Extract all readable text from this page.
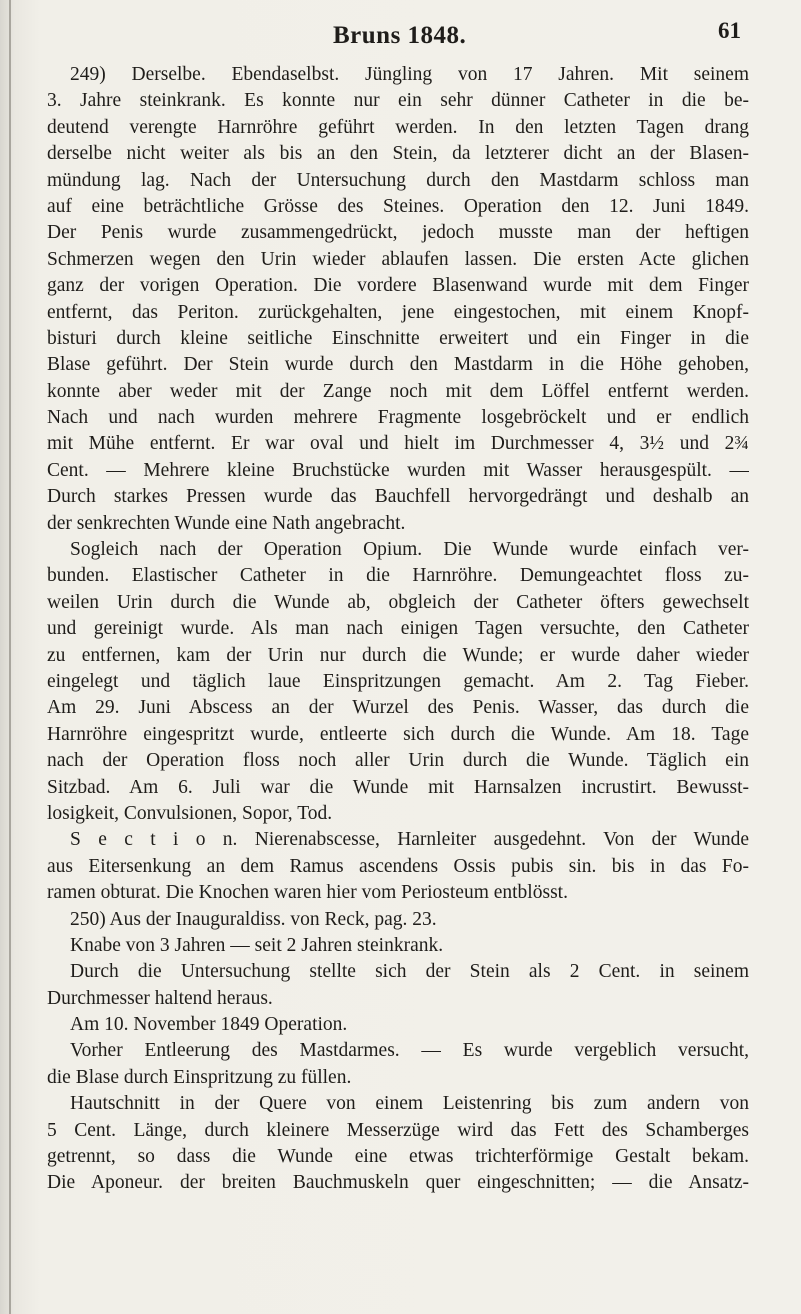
Bruns 1848.	61
249) Derselbe. Ebendaselbst. Jüngling von 17 Jahren. Mit seinem
3. Jahre steinkrank. Es konnte nur ein sehr dünner Catheter in die be-
deutend verengte Harnröhre geführt werden. In den letzten Tagen drang
derselbe nicht weiter als bis an den Stein, da letzterer dicht an der Blasen-
mündung lag. Nach der Untersuchung durch den Mastdarm schloss man
auf eine beträchtliche Grösse des Steines. Operation den 12. Juni 1849.
Der Penis wurde zusammengedrückt, jedoch musste man der heftigen
Schmerzen wegen den Urin wieder ablaufen lassen. Die ersten Acte glichen
ganz der vorigen Operation. Die vordere Blasenwand wurde mit dem Finger
entfernt, das Periton. zurückgehalten, jene eingestochen, mit einem Knopf-
bisturi durch kleine seitliche Einschnitte erweitert und ein Finger in die
Blase geführt. Der Stein wurde durch den Mastdarm in die Höhe gehoben,
konnte aber weder mit der Zange noch mit dem Löffel entfernt werden.
Nach und nach wurden mehrere Fragmente losgebröckelt und er endlich
mit Mühe entfernt. Er war oval und hielt im Durchmesser 4, 3½ und 2¾
Cent. — Mehrere kleine Bruchstücke wurden mit Wasser herausgespült. —
Durch starkes Pressen wurde das Bauchfell hervorgedrängt und deshalb an
der senkrechten Wunde eine Nath angebracht.
Sogleich nach der Operation Opium. Die Wunde wurde einfach ver-
bunden. Elastischer Catheter in die Harnröhre. Demungeachtet floss zu-
weilen Urin durch die Wunde ab, obgleich der Catheter öfters gewechselt
und gereinigt wurde. Als man nach einigen Tagen versuchte, den Catheter
zu entfernen, kam der Urin nur durch die Wunde; er wurde daher wieder
eingelegt und täglich laue Einspritzungen gemacht. Am 2. Tag Fieber.
Am 29. Juni Abscess an der Wurzel des Penis. Wasser, das durch die
Harnröhre eingespritzt wurde, entleerte sich durch die Wunde. Am 18. Tage
nach der Operation floss noch aller Urin durch die Wunde. Täglich ein
Sitzbad. Am 6. Juli war die Wunde mit Harnsalzen incrustirt. Bewusst-
losigkeit, Convulsionen, Sopor, Tod.
S e c t i o n. Nierenabscesse, Harnleiter ausgedehnt. Von der Wunde
aus Eitersenkung an dem Ramus ascendens Ossis pubis sin. bis in das Fo-
ramen obturat. Die Knochen waren hier vom Periosteum entblösst.
250) Aus der Inauguraldiss. von Reck, pag. 23.
Knabe von 3 Jahren — seit 2 Jahren steinkrank.
Durch die Untersuchung stellte sich der Stein als 2 Cent. in seinem
Durchmesser haltend heraus.
Am 10. November 1849 Operation.
Vorher Entleerung des Mastdarmes. — Es wurde vergeblich versucht,
die Blase durch Einspritzung zu füllen.
Hautschnitt in der Quere von einem Leistenring bis zum andern von
5 Cent. Länge, durch kleinere Messerzüge wird das Fett des Schamberges
getrennt, so dass die Wunde eine etwas trichterförmige Gestalt bekam.
Die Aponeur. der breiten Bauchmuskeln quer eingeschnitten; — die Ansatz-
